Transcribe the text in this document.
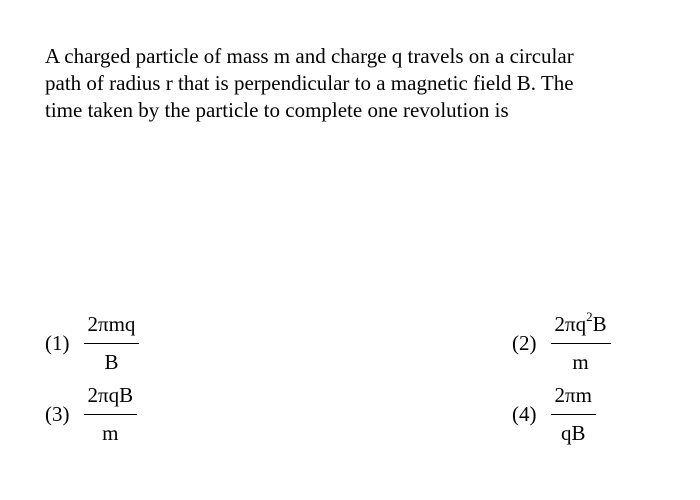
A charged particle of mass m and charge q travels on a circular
path of radius r that is perpendicular to a magnetic field B. The
time taken by the particle to complete one revolution is

$(1) \frac{\text{2πmq}}{B}$	$(2) \frac{2\pi q^2B}{m}$
$(3) \frac{\text{2πqB}}{m}$	$(4) \frac{2\pi m}{qB}$
